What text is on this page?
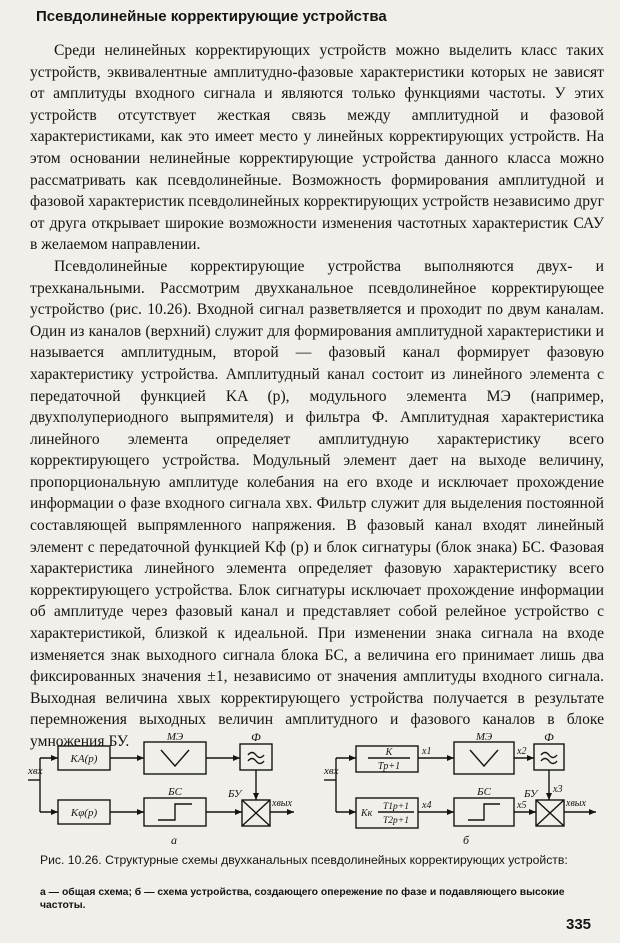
Псевдолинейные корректирующие устройства

Среди нелинейных корректирующих устройств можно выделить класс таких устройств, эквивалентные амплитудно-фазовые характеристики которых не зависят от амплитуды входного сигнала и являются только функциями частоты. У этих устройств отсутствует жесткая связь между амплитудной и фазовой характеристиками, как это имеет место у линейных корректирующих устройств. На этом основании нелинейные корректирующие устройства данного класса можно рассматривать как псевдолинейные. Возможность формирования амплитудной и фазовой характеристик псевдолинейных корректирующих устройств независимо друг от друга открывает широкие возможности изменения частотных характеристик САУ в желаемом направлении.

Псевдолинейные корректирующие устройства выполняются двух- и трехканальными. Рассмотрим двухканальное псевдолинейное корректирующее устройство (рис. 10.26). Входной сигнал разветвляется и проходит по двум каналам. Один из каналов (верхний) служит для формирования амплитудной характеристики и называется амплитудным, второй — фазовый канал формирует фазовую характеристику устройства. Амплитудный канал состоит из линейного элемента с передаточной функцией KA (p), модульного элемента МЭ (например, двухполупериодного выпрямителя) и фильтра Ф. Амплитудная характеристика линейного элемента определяет амплитудную характеристику всего корректирующего устройства. Модульный элемент дает на выходе величину, пропорциональную амплитуде колебания на его входе и исключает прохождение информации о фазе входного сигнала xвх. Фильтр служит для выделения постоянной составляющей выпрямленного напряжения. В фазовый канал входят линейный элемент с передаточной функцией Kф (p) и блок сигнатуры (блок знака) БС. Фазовая характеристика линейного элемента определяет фазовую характеристику всего корректирующего устройства. Блок сигнатуры исключает прохождение информации об амплитуде через фазовый канал и представляет собой релейное устройство с характеристикой, близкой к идеальной. При изменении знака сигнала на входе изменяется знак выходного сигнала блока БС, а величина его принимает лишь два фиксированных значения ±1, независимо от значения амплитуды входного сигнала. Выходная величина xвых корректирующего устройства получается в результате перемножения выходных величин амплитудного и фазового каналов в блоке умножения БУ.

xвх
KA(p)
Kφ(p)
МЭ	Ф
БС	БУ
xвых
а
xвх
K
Tp+1
Kк
T1p+1
T2p+1
x1
МЭ
x2
Ф
x3
x4
БС
x5
БУ
xвых
б
Рис. 10.26. Структурные схемы двухканальных псевдолинейных корректирующих устройств:
а — общая схема; б — схема устройства, создающего опережение по фазе и подавляющего высокие частоты.
335
